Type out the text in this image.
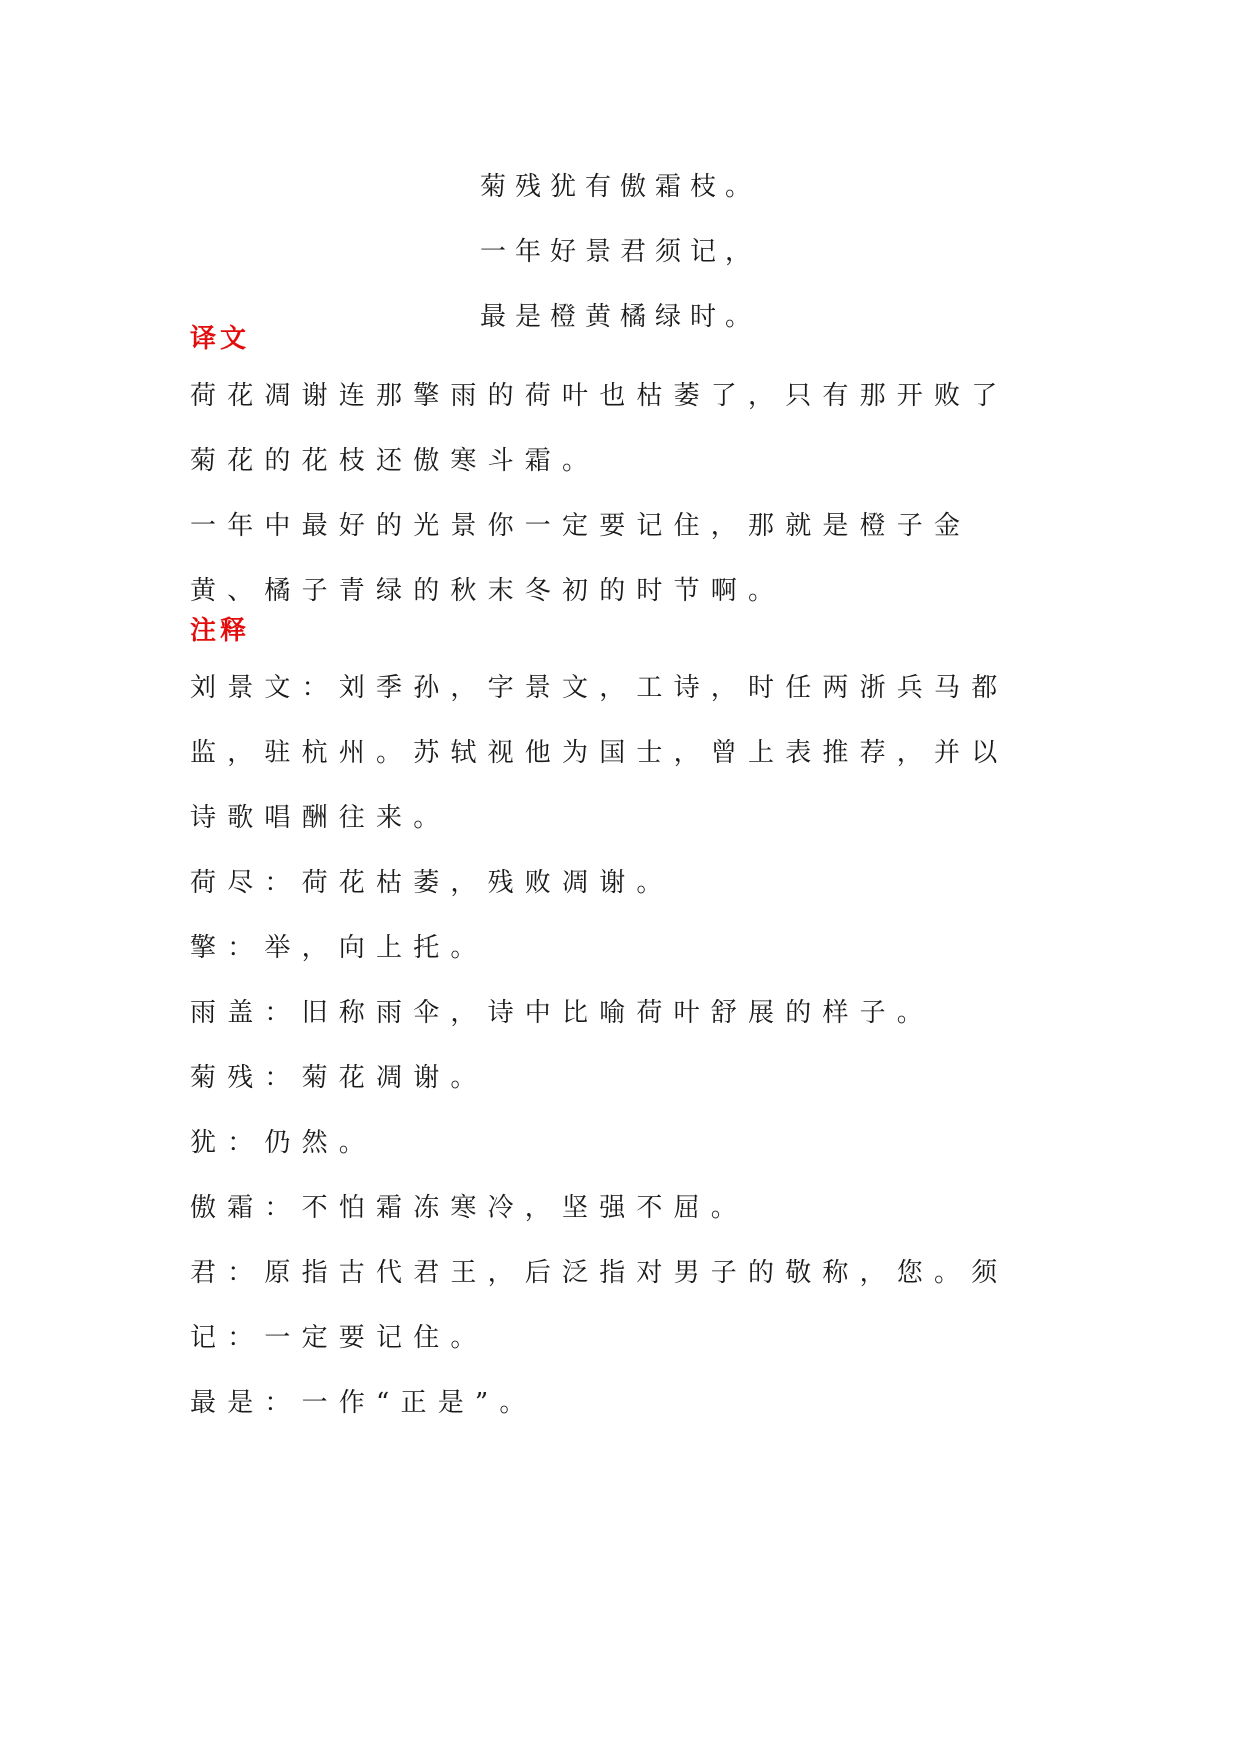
菊残犹有傲霜枝。
一年好景君须记，
最是橙黄橘绿时。
译文

荷花凋谢连那擎雨的荷叶也枯萎了，只有那开败了菊花的花枝还傲寒斗霜。

一年中最好的光景你一定要记住，那就是橙子金黄、橘子青绿的秋末冬初的时节啊。

注释

刘景文：刘季孙，字景文，工诗，时任两浙兵马都监，驻杭州。苏轼视他为国士，曾上表推荐，并以诗歌唱酬往来。

荷尽：荷花枯萎，残败凋谢。

擎：举，向上托。

雨盖：旧称雨伞，诗中比喻荷叶舒展的样子。

菊残：菊花凋谢。

犹：仍然。

傲霜：不怕霜冻寒冷，坚强不屈。

君：原指古代君王，后泛指对男子的敬称，您。须记：一定要记住。

最是：一作“正是”。
